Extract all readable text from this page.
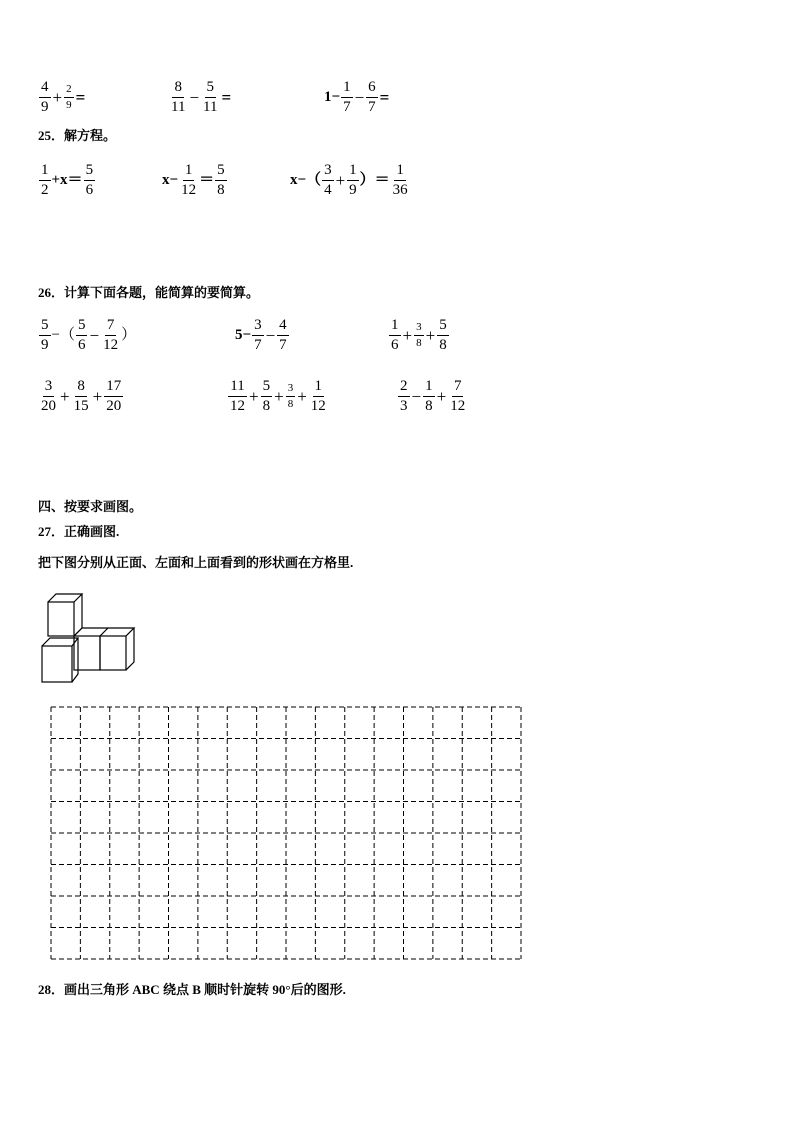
$\frac{4}{9} + \frac{2}{9}$ =	$\frac{8}{11} - \frac{5}{11}$ =	$1- \frac{1}{7} - \frac{6}{7}$ =
25．解方程。
$\frac{1}{2} +x= \frac{5}{6}$	$x- \frac{1}{12} = \frac{5}{8}$	$x-( \frac{3}{4} + \frac{1}{9}$ ）＝ $\frac{1}{36}$
26．计算下面各题，能简算的要简算。
$\frac{5}{9}$ −（ $\frac{5}{6} - \frac{7}{12}$ ）	$5- \frac{3}{7} - \frac{4}{7}$	$\frac{1}{6} + \frac{3}{8} + \frac{5}{8}$
$\frac{3}{20} + \frac{8}{15} + \frac{17}{20}$	$\frac{11}{12} + \frac{5}{8} + \frac{3}{8} + \frac{1}{12}$	$\frac{2}{3} - \frac{1}{8} + \frac{7}{12}$
四、按要求画图。
27．正确画图.
把下图分别从正面、左面和上面看到的形状画在方格里.
28．画出三角形 ABC 绕点 B 顺时针旋转 90°后的图形.
